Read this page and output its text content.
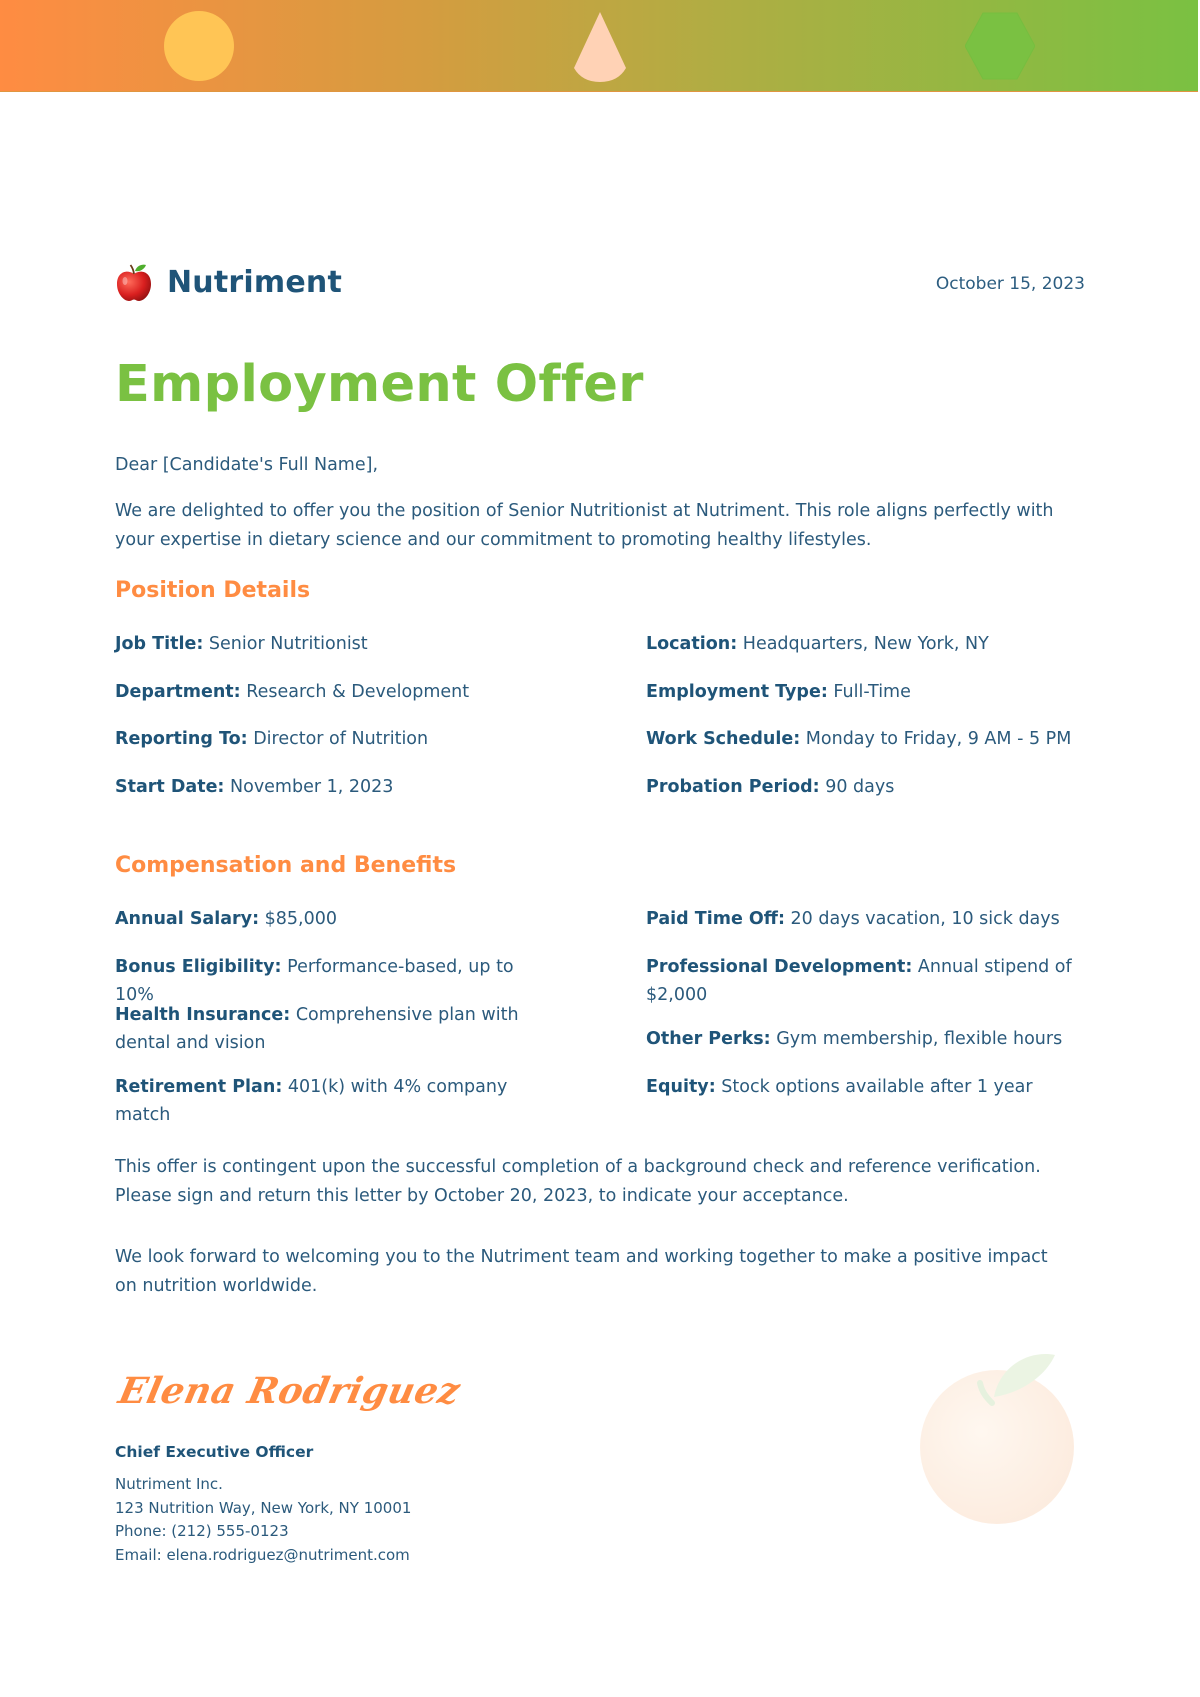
Nutriment	October 15, 2023
Employment Offer

Dear [Candidate's Full Name],

We are delighted to offer you the position of Senior Nutritionist at Nutriment. This role aligns perfectly with your expertise in dietary science and our commitment to promoting healthy lifestyles.

Position Details
Job Title: Senior Nutritionist
Department: Research & Development
Reporting To: Director of Nutrition
Start Date: November 1, 2023
Location: Headquarters, New York, NY
Employment Type: Full-Time
Work Schedule: Monday to Friday, 9 AM - 5 PM
Probation Period: 90 days
Compensation and Benefits
Annual Salary: $85,000
Bonus Eligibility: Performance-based, up to 10%
Health Insurance: Comprehensive plan with dental and vision
Retirement Plan: 401(k) with 4% company match
Paid Time Off: 20 days vacation, 10 sick days
Professional Development: Annual stipend of $2,000
Other Perks: Gym membership, flexible hours
Equity: Stock options available after 1 year

This offer is contingent upon the successful completion of a background check and reference verification. Please sign and return this letter by October 20, 2023, to indicate your acceptance.

We look forward to welcoming you to the Nutriment team and working together to make a positive impact on nutrition worldwide.

Elena Rodriguez
Chief Executive Officer
Nutriment Inc.
123 Nutrition Way, New York, NY 10001
Phone: (212) 555-0123
Email: elena.rodriguez@nutriment.com
